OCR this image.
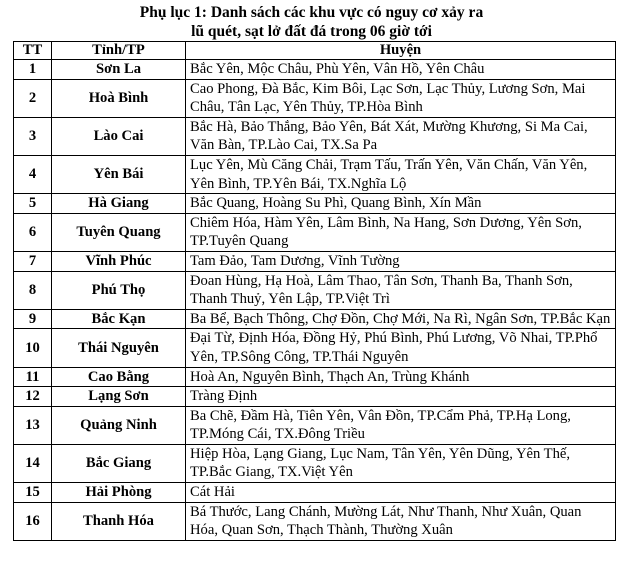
Phụ lục 1: Danh sách các khu vực có nguy cơ xảy ra
lũ quét, sạt lở đất đá trong 06 giờ tới
TT	Tỉnh/TP	Huyện
1	Sơn La	Bắc Yên, Mộc Châu, Phù Yên, Vân Hồ, Yên Châu
2	Hoà Bình	Cao Phong, Đà Bắc, Kim Bôi, Lạc Sơn, Lạc Thủy, Lương Sơn, Mai Châu, Tân Lạc, Yên Thủy, TP.Hòa Bình
3	Lào Cai	Bắc Hà, Bảo Thắng, Bảo Yên, Bát Xát, Mường Khương, Si Ma Cai, Văn Bàn, TP.Lào Cai, TX.Sa Pa
4	Yên Bái	Lục Yên, Mù Căng Chải, Trạm Tấu, Trấn Yên, Văn Chấn, Văn Yên, Yên Bình, TP.Yên Bái, TX.Nghĩa Lộ
5	Hà Giang	Bắc Quang, Hoàng Su Phì, Quang Bình, Xín Mần
6	Tuyên Quang	Chiêm Hóa, Hàm Yên, Lâm Bình, Na Hang, Sơn Dương, Yên Sơn, TP.Tuyên Quang
7	Vĩnh Phúc	Tam Đảo, Tam Dương, Vĩnh Tường
8	Phú Thọ	Đoan Hùng, Hạ Hoà, Lâm Thao, Tân Sơn, Thanh Ba, Thanh Sơn, Thanh Thuỷ, Yên Lập, TP.Việt Trì
9	Bắc Kạn	Ba Bể, Bạch Thông, Chợ Đồn, Chợ Mới, Na Rì, Ngân Sơn, TP.Bắc Kạn
10	Thái Nguyên	Đại Từ, Định Hóa, Đồng Hỷ, Phú Bình, Phú Lương, Võ Nhai, TP.Phổ Yên, TP.Sông Công, TP.Thái Nguyên
11	Cao Bằng	Hoà An, Nguyên Bình, Thạch An, Trùng Khánh
12	Lạng Sơn	Tràng Định
13	Quảng Ninh	Ba Chẽ, Đầm Hà, Tiên Yên, Vân Đồn, TP.Cẩm Phả, TP.Hạ Long, TP.Móng Cái, TX.Đông Triều
14	Bắc Giang	Hiệp Hòa, Lạng Giang, Lục Nam, Tân Yên, Yên Dũng, Yên Thế, TP.Bắc Giang, TX.Việt Yên
15	Hải Phòng	Cát Hải
16	Thanh Hóa	Bá Thước, Lang Chánh, Mường Lát, Như Thanh, Như Xuân, Quan Hóa, Quan Sơn, Thạch Thành, Thường Xuân
